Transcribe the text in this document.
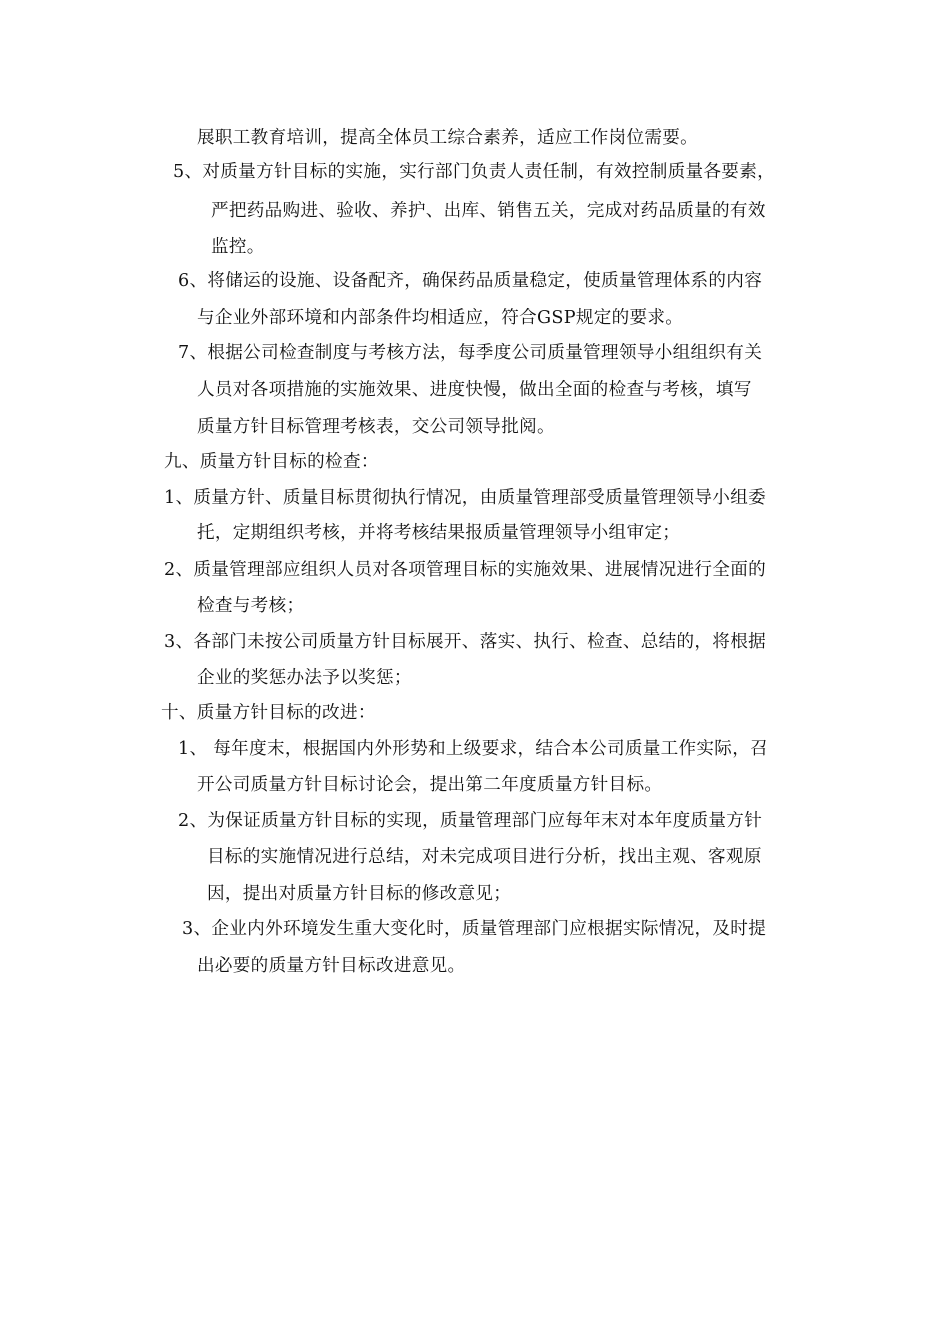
展职工教育培训，提高全体员工综合素养，适应工作岗位需要。
5、对质量方针目标的实施，实行部门负责人责任制，有效控制质量各要素，
严把药品购进、验收、养护、出库、销售五关，完成对药品质量的有效
监控。
6、将储运的设施、设备配齐，确保药品质量稳定，使质量管理体系的内容
与企业外部环境和内部条件均相适应，符合GSP规定的要求。
7、根据公司检查制度与考核方法，每季度公司质量管理领导小组组织有关
人员对各项措施的实施效果、进度快慢，做出全面的检查与考核，填写
质量方针目标管理考核表，交公司领导批阅。
九、质量方针目标的检查：
1、质量方针、质量目标贯彻执行情况，由质量管理部受质量管理领导小组委
托，定期组织考核，并将考核结果报质量管理领导小组审定；
2、质量管理部应组织人员对各项管理目标的实施效果、进展情况进行全面的
检查与考核；
3、各部门未按公司质量方针目标展开、落实、执行、检查、总结的，将根据
企业的奖惩办法予以奖惩；
十、质量方针目标的改进：
1、 每年度末，根据国内外形势和上级要求，结合本公司质量工作实际，召
开公司质量方针目标讨论会，提出第二年度质量方针目标。
2、为保证质量方针目标的实现，质量管理部门应每年末对本年度质量方针
目标的实施情况进行总结，对未完成项目进行分析，找出主观、客观原
因，提出对质量方针目标的修改意见；
3、企业内外环境发生重大变化时，质量管理部门应根据实际情况，及时提
出必要的质量方针目标改进意见。
